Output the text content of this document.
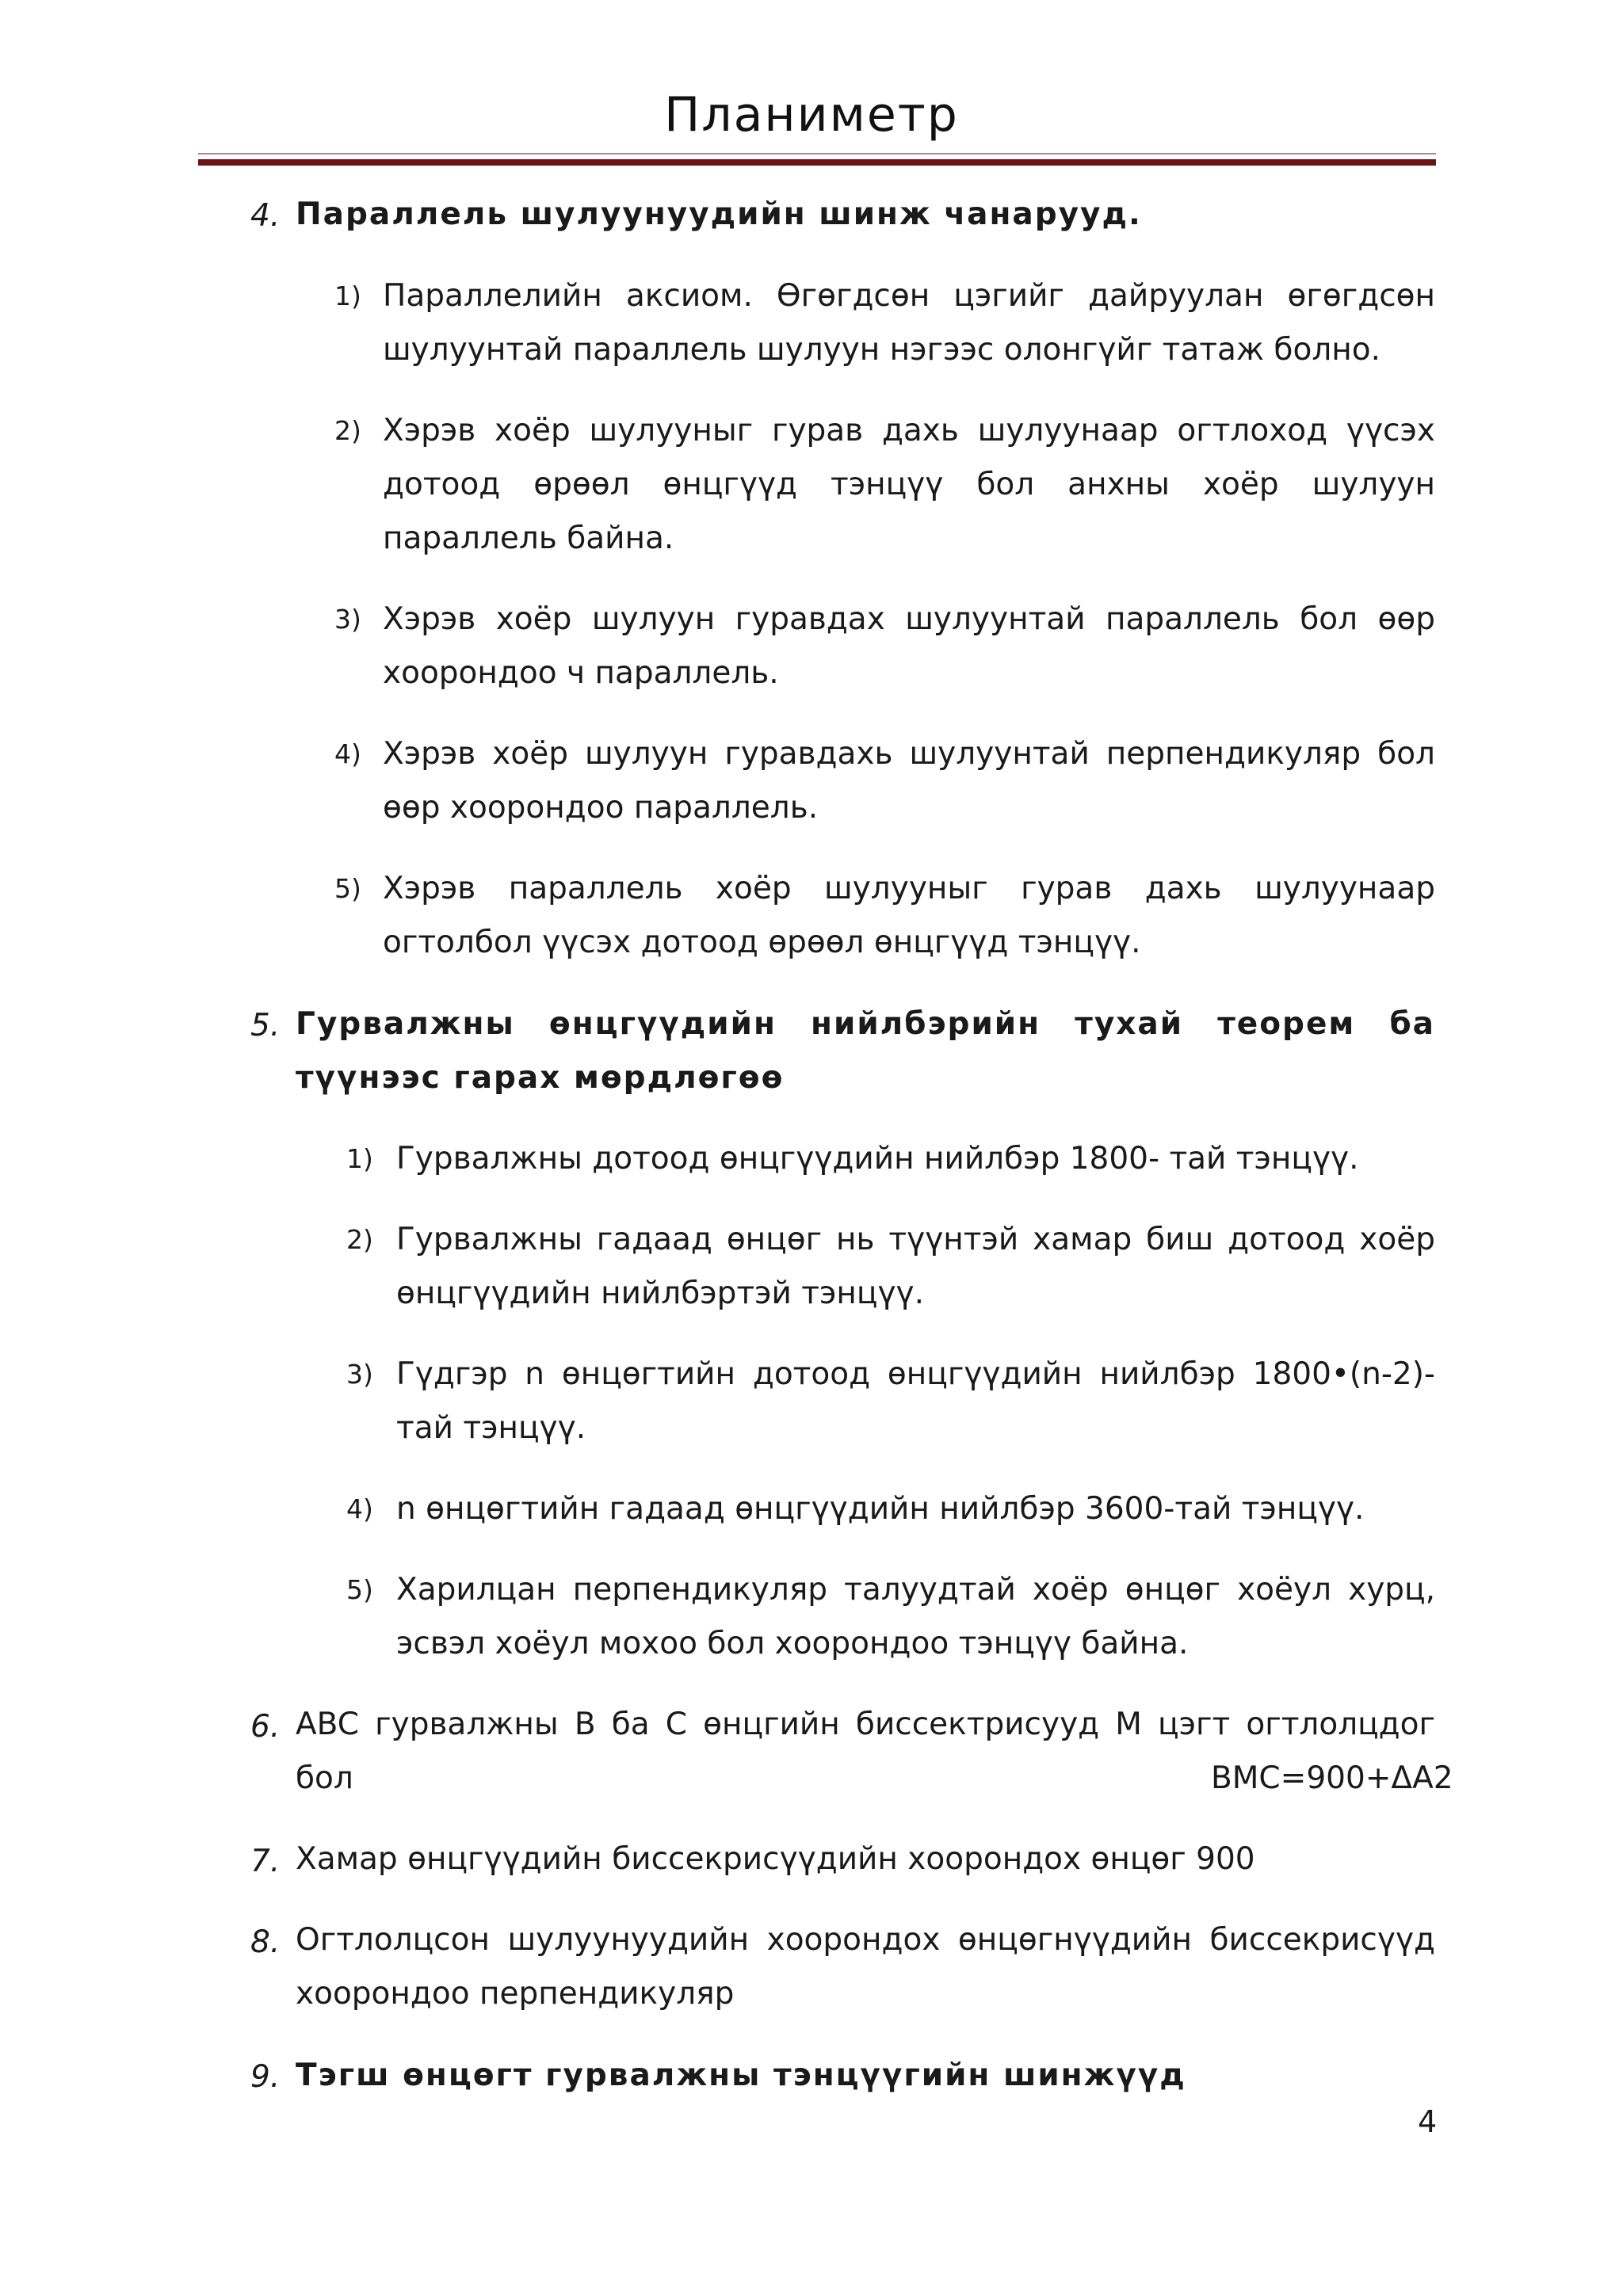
Планиметр
4. Параллель шулуунуудийн шинж чанарууд.
1) Параллелийн аксиом. Өгөгдсөн цэгийг дайруулан өгөгдсөн шулуунтай параллель шулуун нэгээс олонгүйг татаж болно.
2) Хэрэв хоёр шулууныг гурав дахь шулуунаар огтлоход үүсэх дотоод өрөөл өнцгүүд тэнцүү бол анхны хоёр шулуун параллель байна.
3) Хэрэв хоёр шулуун гуравдах шулуунтай параллель бол өөр хоорондоо ч параллель.
4) Хэрэв хоёр шулуун гуравдахь шулуунтай перпендикуляр бол өөр хоорондоо параллель.
5) Хэрэв параллель хоёр шулууныг гурав дахь шулуунаар огтолбол үүсэх дотоод өрөөл өнцгүүд тэнцүү.
5. Гурвалжны өнцгүүдийн нийлбэрийн тухай теорем ба
түүнээс гарах мөрдлөгөө
1) Гурвалжны дотоод өнцгүүдийн нийлбэр 1800- тай тэнцүү.
2) Гурвалжны гадаад өнцөг нь түүнтэй хамар биш дотоод хоёр өнцгүүдийн нийлбэртэй тэнцүү.
3) Гүдгэр n өнцөгтийн дотоод өнцгүүдийн нийлбэр 1800•(n-2)-тай тэнцүү.
4) n өнцөгтийн гадаад өнцгүүдийн нийлбэр 3600-тай тэнцүү.
5) Харилцан перпендикуляр талуудтай хоёр өнцөг хоёул хурц, эсвэл хоёул мохоо бол хоорондоо тэнцүү байна.
6. ABC гурвалжны B ба C өнцгийн биссектрисууд M цэгт огтлолцдог
бол	BMC=900+ΔA2
7. Хамар өнцгүүдийн биссекрисүүдийн хоорондох өнцөг 900
8. Огтлолцсон шулуунуудийн хоорондох өнцөгнүүдийн биссекрисүүд хоорондоо перпендикуляр
9. Тэгш өнцөгт гурвалжны тэнцүүгийн шинжүүд
4
